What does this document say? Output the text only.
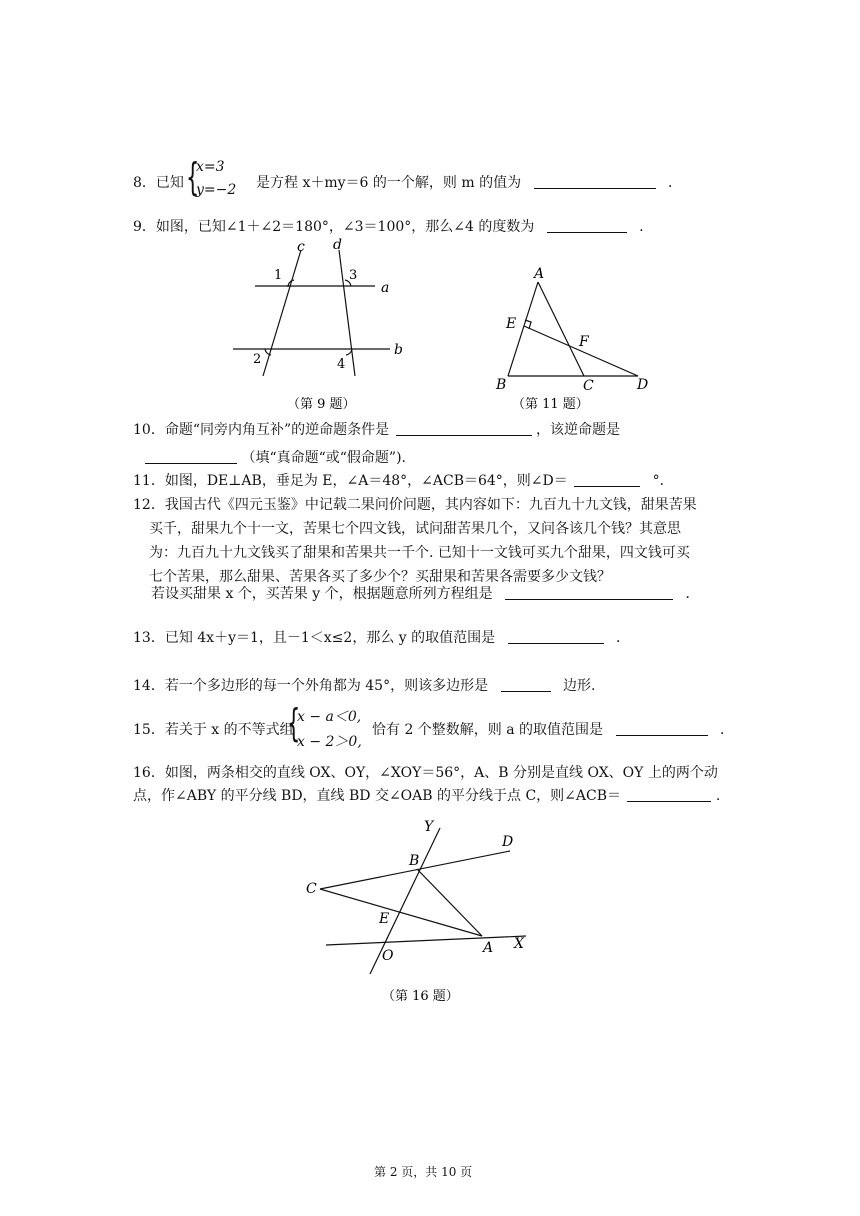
8．已知 {
x=3
y=−2 是方程 x＋my＝6 的一个解，则 m 的值为	．
9．如图，已知∠1＋∠2＝180°，∠3＝100°，那么∠4 的度数为	．
c d
a
b
1
2
3
4
（第 9 题）
A
E
F
B	C	D
（第 11 题）
10．命题“同旁内角互补”的逆命题条件是	，该逆命题是
（填“真命题“或“假命题”).
11．如图，DE⊥AB，垂足为 E，∠A＝48°，∠ACB＝64°，则∠D＝	°．
12．我国古代《四元玉鉴》中记载二果问价问题，其内容如下：九百九十九文钱，甜果苦果
买千，甜果九个十一文，苦果七个四文钱，试问甜苦果几个，又问各该几个钱？其意思
为：九百九十九文钱买了甜果和苦果共一千个. 已知十一文钱可买九个甜果，四文钱可买
七个苦果，那么甜果、苦果各买了多少个？买甜果和苦果各需要多少文钱？
若设买甜果 x 个，买苦果 y 个，根据题意所列方程组是	．
13．已知 4x＋y＝1，且－1＜x≤2，那么 y 的取值范围是	．
14．若一个多边形的每一个外角都为 45°，则该多边形是	边形.
15．若关于 x 的不等式组
{
x − a＜0,
x − 2＞0,
恰有 2 个整数解，则 a 的取值范围是	．
16．如图，两条相交的直线 OX、OY，∠XOY＝56°，A、B 分别是直线 OX、OY 上的两个动
点，作∠ABY 的平分线 BD，直线 BD 交∠OAB 的平分线于点 C，则∠ACB＝	.
Y
D
B
C
E
A X
O
（第 16 题）
第 2 页，共 10 页
